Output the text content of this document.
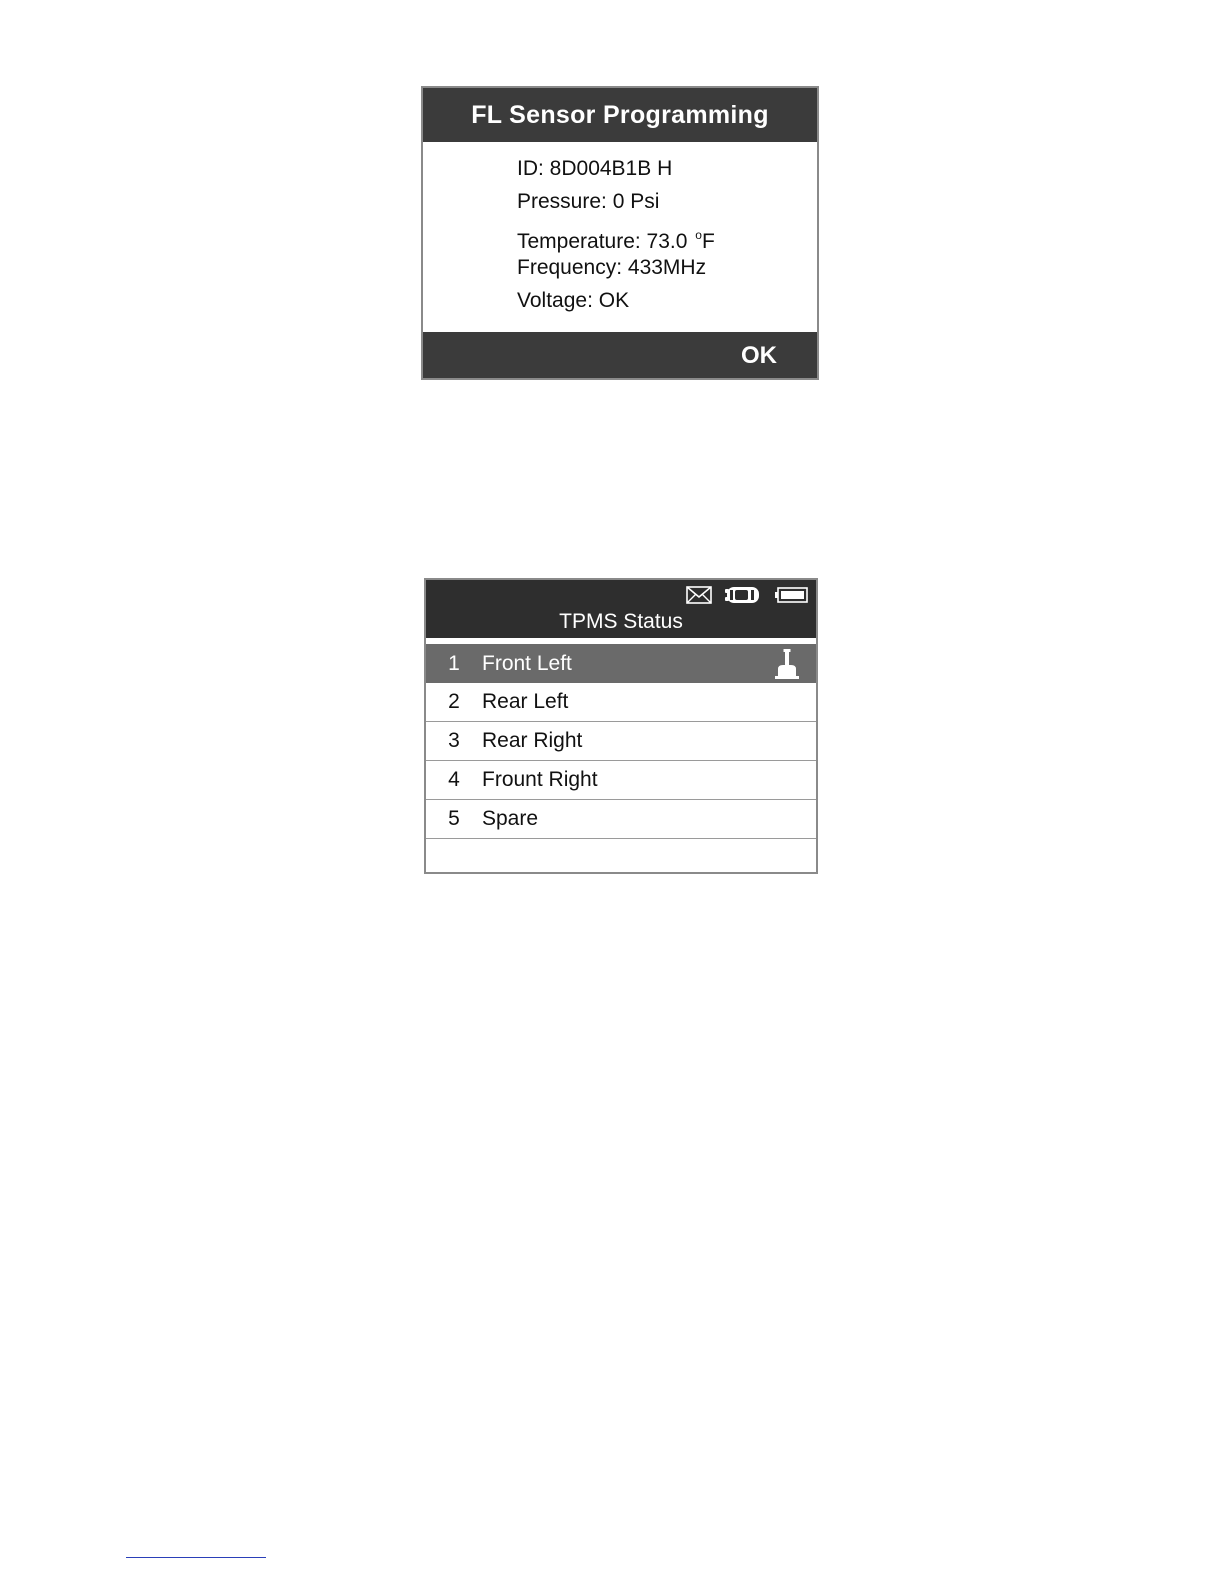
FL Sensor Programming
ID: 8D004B1B H
Pressure: 0 Psi
Temperature: 73.0 $^o$F
Frequency: 433MHz
Voltage: OK
OK
TPMS Status
1	Front Left
2	Rear Left
3	Rear Right
4	Frount Right
5	Spare
